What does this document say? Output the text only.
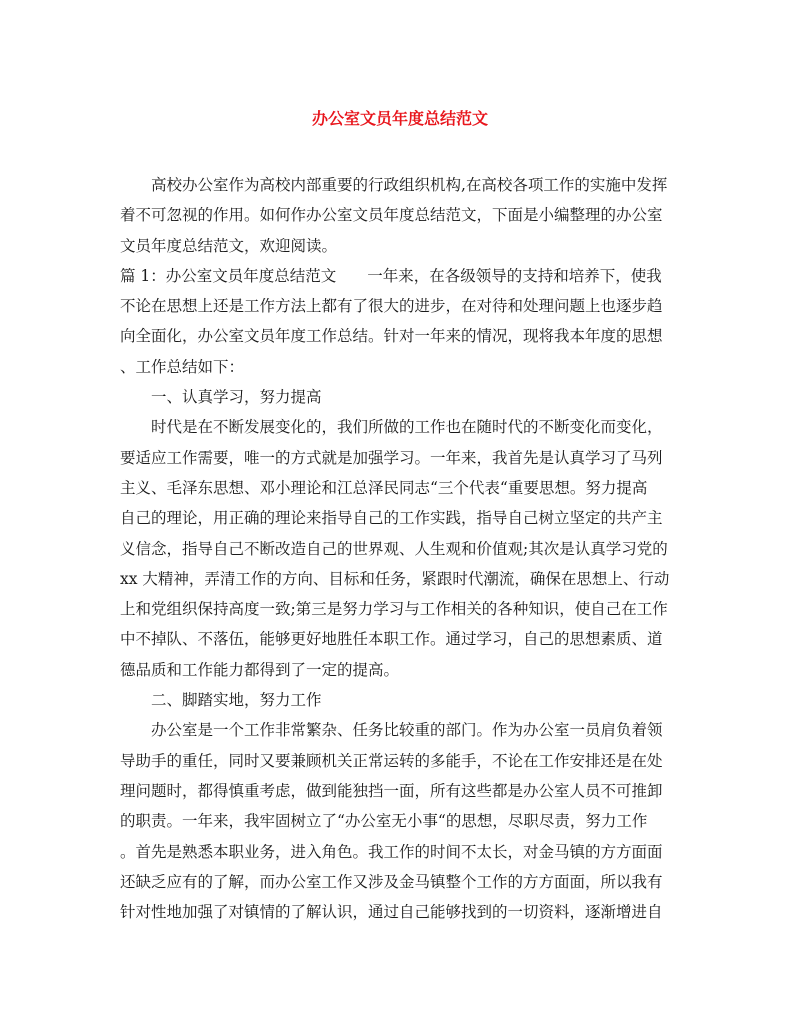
办公室文员年度总结范文
高校办公室作为高校内部重要的行政组织机构,在高校各项工作的实施中发挥
着不可忽视的作用。如何作办公室文员年度总结范文，下面是小编整理的办公室
文员年度总结范文，欢迎阅读。
篇 1：办公室文员年度总结范文　　一年来，在各级领导的支持和培养下，使我
不论在思想上还是工作方法上都有了很大的进步，在对待和处理问题上也逐步趋
向全面化，办公室文员年度工作总结。针对一年来的情况，现将我本年度的思想
、工作总结如下：
一、认真学习，努力提高
时代是在不断发展变化的，我们所做的工作也在随时代的不断变化而变化，
要适应工作需要，唯一的方式就是加强学习。一年来，我首先是认真学习了马列
主义、毛泽东思想、邓小理论和江总泽民同志“三个代表“重要思想。努力提高
自己的理论，用正确的理论来指导自己的工作实践，指导自己树立坚定的共产主
义信念，指导自己不断改造自己的世界观、人生观和价值观;其次是认真学习党的
xx 大精神，弄清工作的方向、目标和任务，紧跟时代潮流，确保在思想上、行动
上和党组织保持高度一致;第三是努力学习与工作相关的各种知识，使自己在工作
中不掉队、不落伍，能够更好地胜任本职工作。通过学习，自己的思想素质、道
德品质和工作能力都得到了一定的提高。
二、脚踏实地，努力工作
办公室是一个工作非常繁杂、任务比较重的部门。作为办公室一员肩负着领
导助手的重任，同时又要兼顾机关正常运转的多能手，不论在工作安排还是在处
理问题时，都得慎重考虑，做到能独挡一面，所有这些都是办公室人员不可推卸
的职责。一年来，我牢固树立了“办公室无小事“的思想，尽职尽责，努力工作
。首先是熟悉本职业务，进入角色。我工作的时间不太长，对金马镇的方方面面
还缺乏应有的了解，而办公室工作又涉及金马镇整个工作的方方面面，所以我有
针对性地加强了对镇情的了解认识，通过自己能够找到的一切资料，逐渐增进自
